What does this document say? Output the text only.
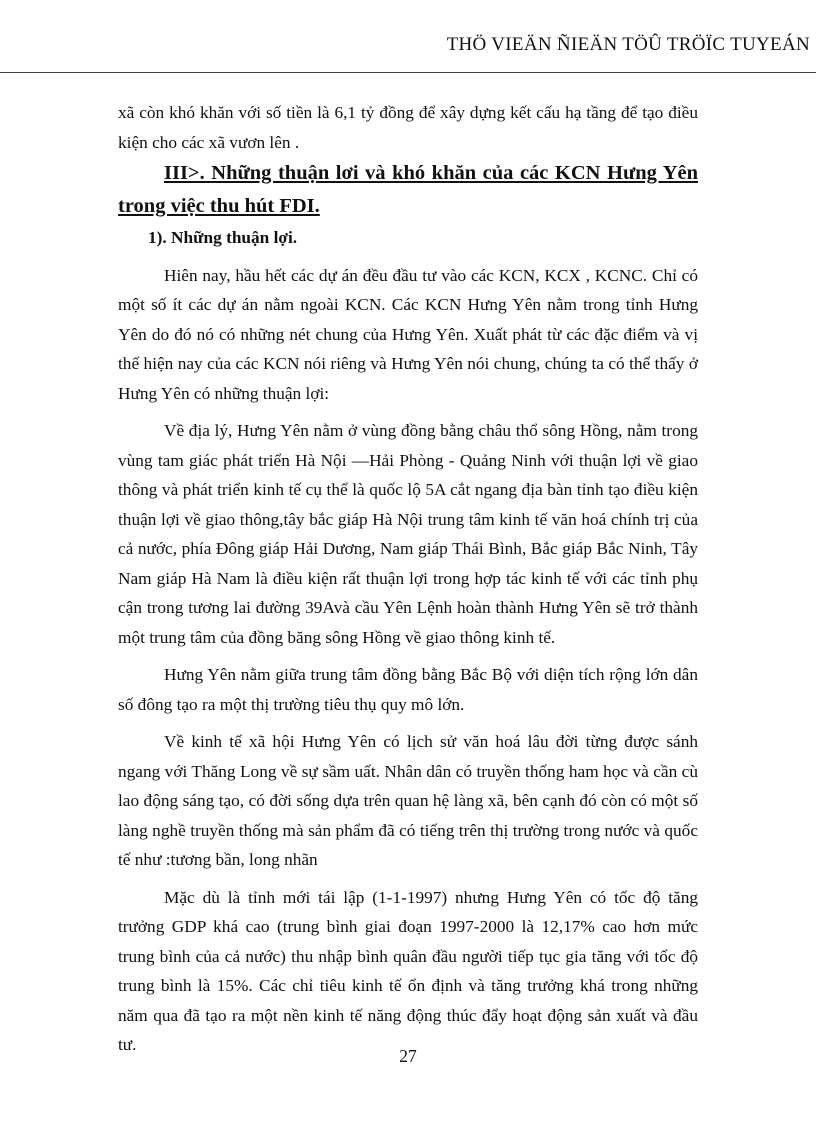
THÖ VIEÄN ÑIEÄN TÖÛ TRÖÏC TUYEÁN

xã còn khó khăn với số tiền là 6,1 tỷ đồng để xây dựng kết cấu hạ tầng để tạo điều kiện cho các xã vươn lên .

III>. Những thuận lơi và khó khăn của các KCN Hưng Yên trong việc thu hút FDI.

1). Những thuận lợi.

Hiên nay, hầu hết các dự án đều đầu tư vào các KCN, KCX , KCNC. Chỉ có một số ít các dự án nằm ngoài KCN. Các KCN Hưng Yên nằm trong tỉnh Hưng Yên do đó nó có những nét chung của Hưng Yên. Xuất phát từ các đặc điểm và vị thế hiện nay của các KCN nói riêng và Hưng Yên nói chung, chúng ta có thể thấy ở Hưng Yên có những thuận lợi:

Về địa lý, Hưng Yên nằm ở vùng đồng bằng châu thổ sông Hồng, nằm trong vùng tam giác phát triển Hà Nội —Hải Phòng - Quảng Ninh với thuận lợi về giao thông và phát triển kinh tế cụ thể là quốc lộ 5A cắt ngang địa bàn tỉnh tạo điều kiện thuận lợi về giao thông,tây bắc giáp Hà Nội trung tâm kinh tế văn hoá chính trị của cả nước, phía Đông giáp Hải Dương, Nam giáp Thái Bình, Bắc giáp Bắc Ninh, Tây Nam giáp Hà Nam là điều kiện rất thuận lợi trong hợp tác kinh tế với các tỉnh phụ cận trong tương lai đường 39Avà cầu Yên Lệnh hoàn thành Hưng Yên sẽ trở thành một trung tâm của đồng băng sông Hồng về giao thông kinh tế.

Hưng Yên nằm giữa trung tâm đồng bằng Bắc Bộ với diện tích rộng lớn dân số đông tạo ra một thị trường tiêu thụ quy mô lớn.

Về kinh tế xã hội Hưng Yên có lịch sử văn hoá lâu đời từng được sánh ngang với Thăng Long về sự sầm uất. Nhân dân có truyền thống ham học và cần cù lao động sáng tạo, có đời sống dựa trên quan hệ làng xã, bên cạnh đó còn có một số làng nghề truyền thống mà sản phẩm đã có tiếng trên thị trường trong nước và quốc tế như :tương bần, long nhãn

Mặc dù là tỉnh mới tái lập (1-1-1997) nhưng Hưng Yên có tốc độ tăng trưởng GDP khá cao (trung bình giai đoạn 1997-2000 là 12,17% cao hơn mức trung bình của cả nước) thu nhập bình quân đầu người tiếp tục gia tăng với tốc độ trung bình là 15%. Các chỉ tiêu kinh tế ổn định và tăng trưởng khá trong những năm qua đã tạo ra một nền kinh tế năng động thúc đẩy hoạt động sản xuất và đầu tư.

27
